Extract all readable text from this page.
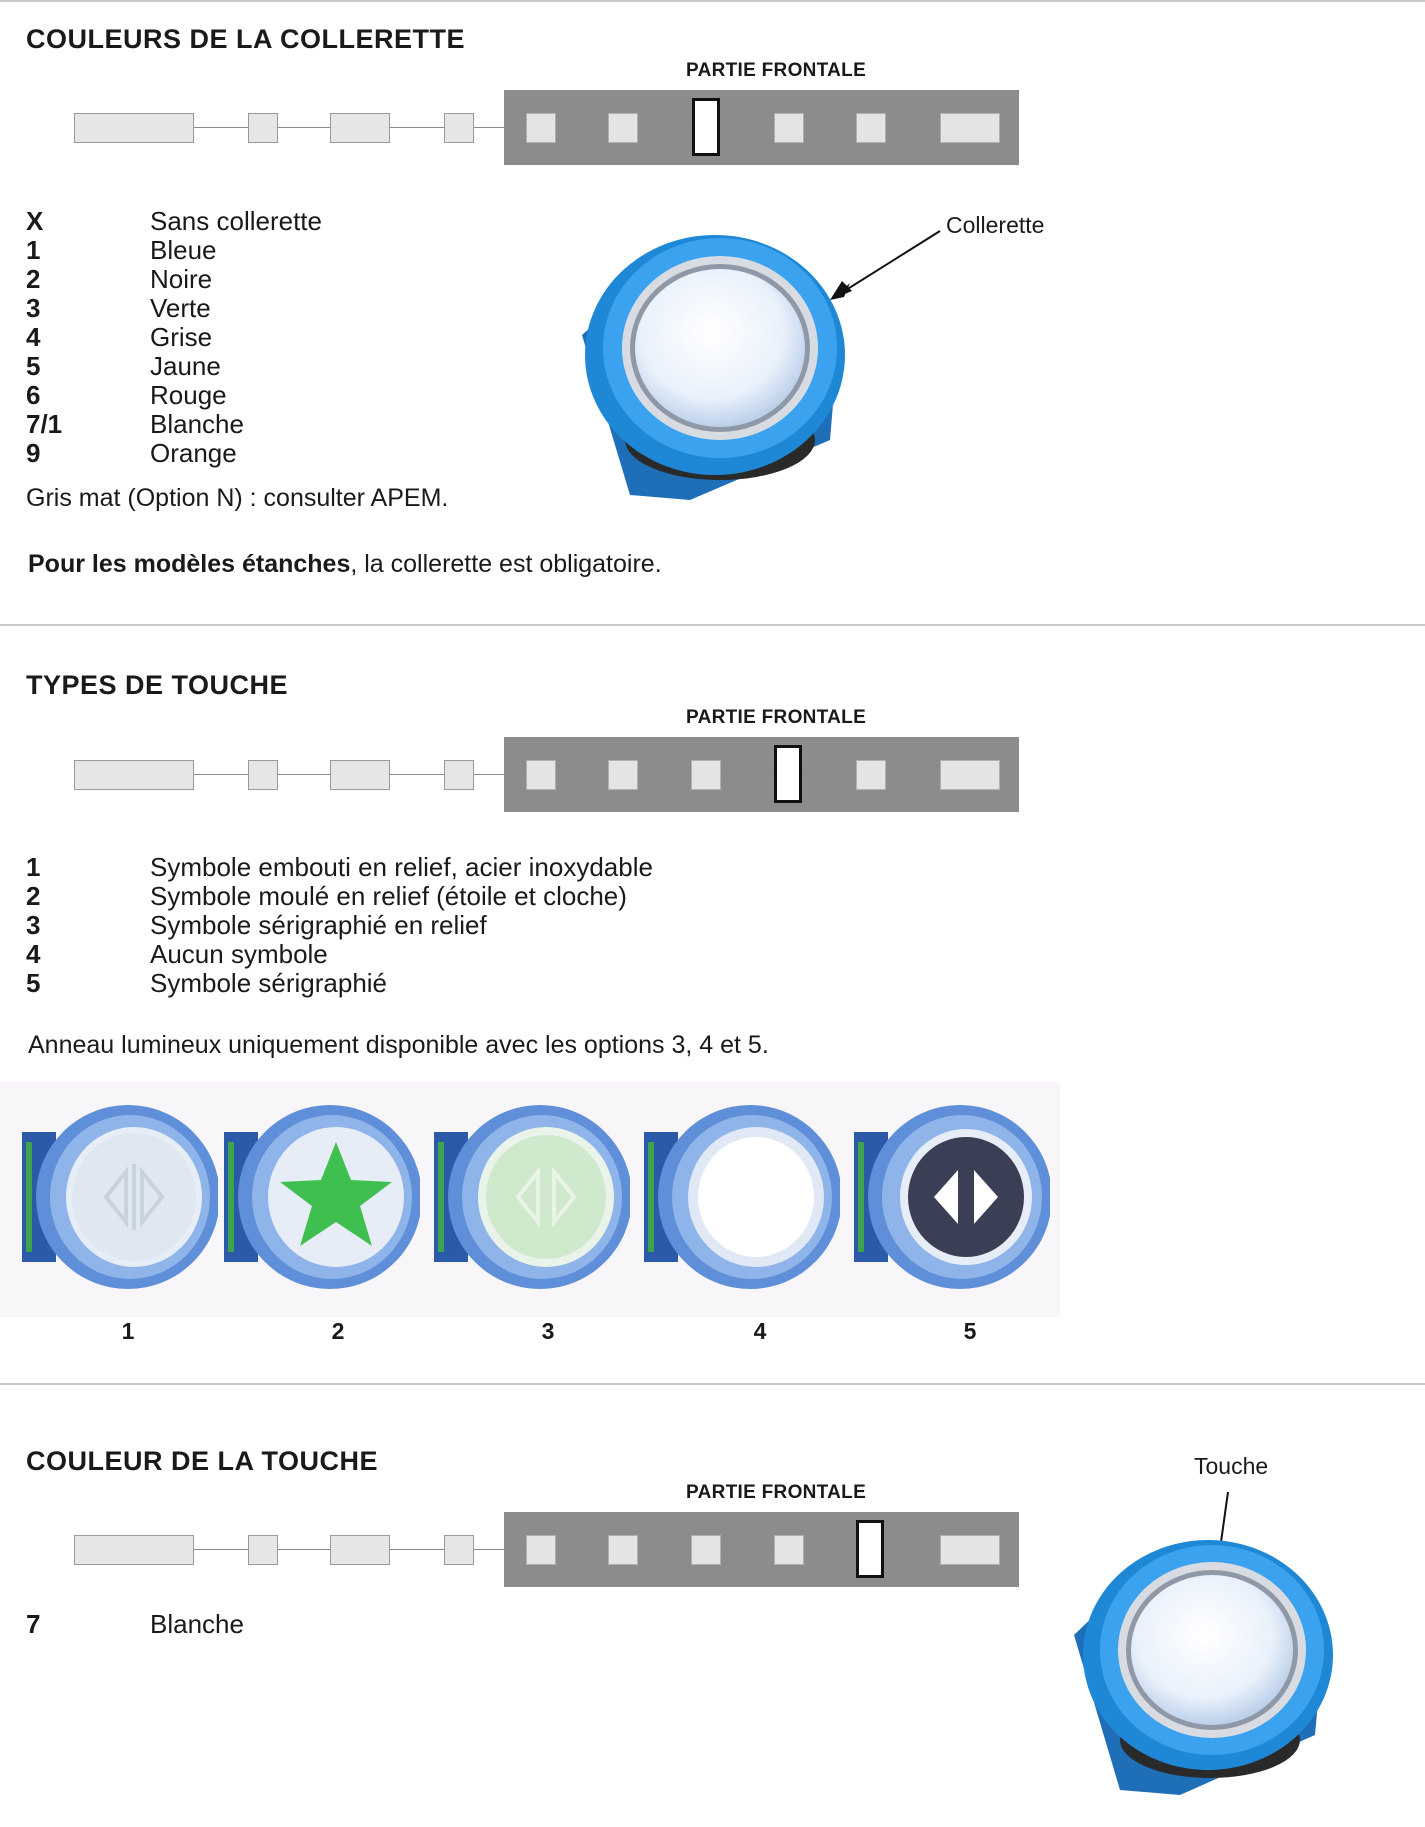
COULEURS DE LA COLLERETTE
PARTIE FRONTALE
X	Sans collerette
1	Bleue
2	Noire
3	Verte
4	Grise
5	Jaune
6	Rouge
7/1	Blanche
9	Orange
Gris mat (Option N) : consulter APEM.
Pour les modèles étanches, la collerette est obligatoire.
Collerette
TYPES DE TOUCHE
PARTIE FRONTALE
1	Symbole embouti en relief, acier inoxydable
2	Symbole moulé en relief (étoile et cloche)
3	Symbole sérigraphié en relief
4	Aucun symbole
5	Symbole sérigraphié
Anneau lumineux uniquement disponible avec les options 3, 4 et 5.
1	2	3	4	5
COULEUR DE LA TOUCHE
PARTIE FRONTALE
7	Blanche
Touche
